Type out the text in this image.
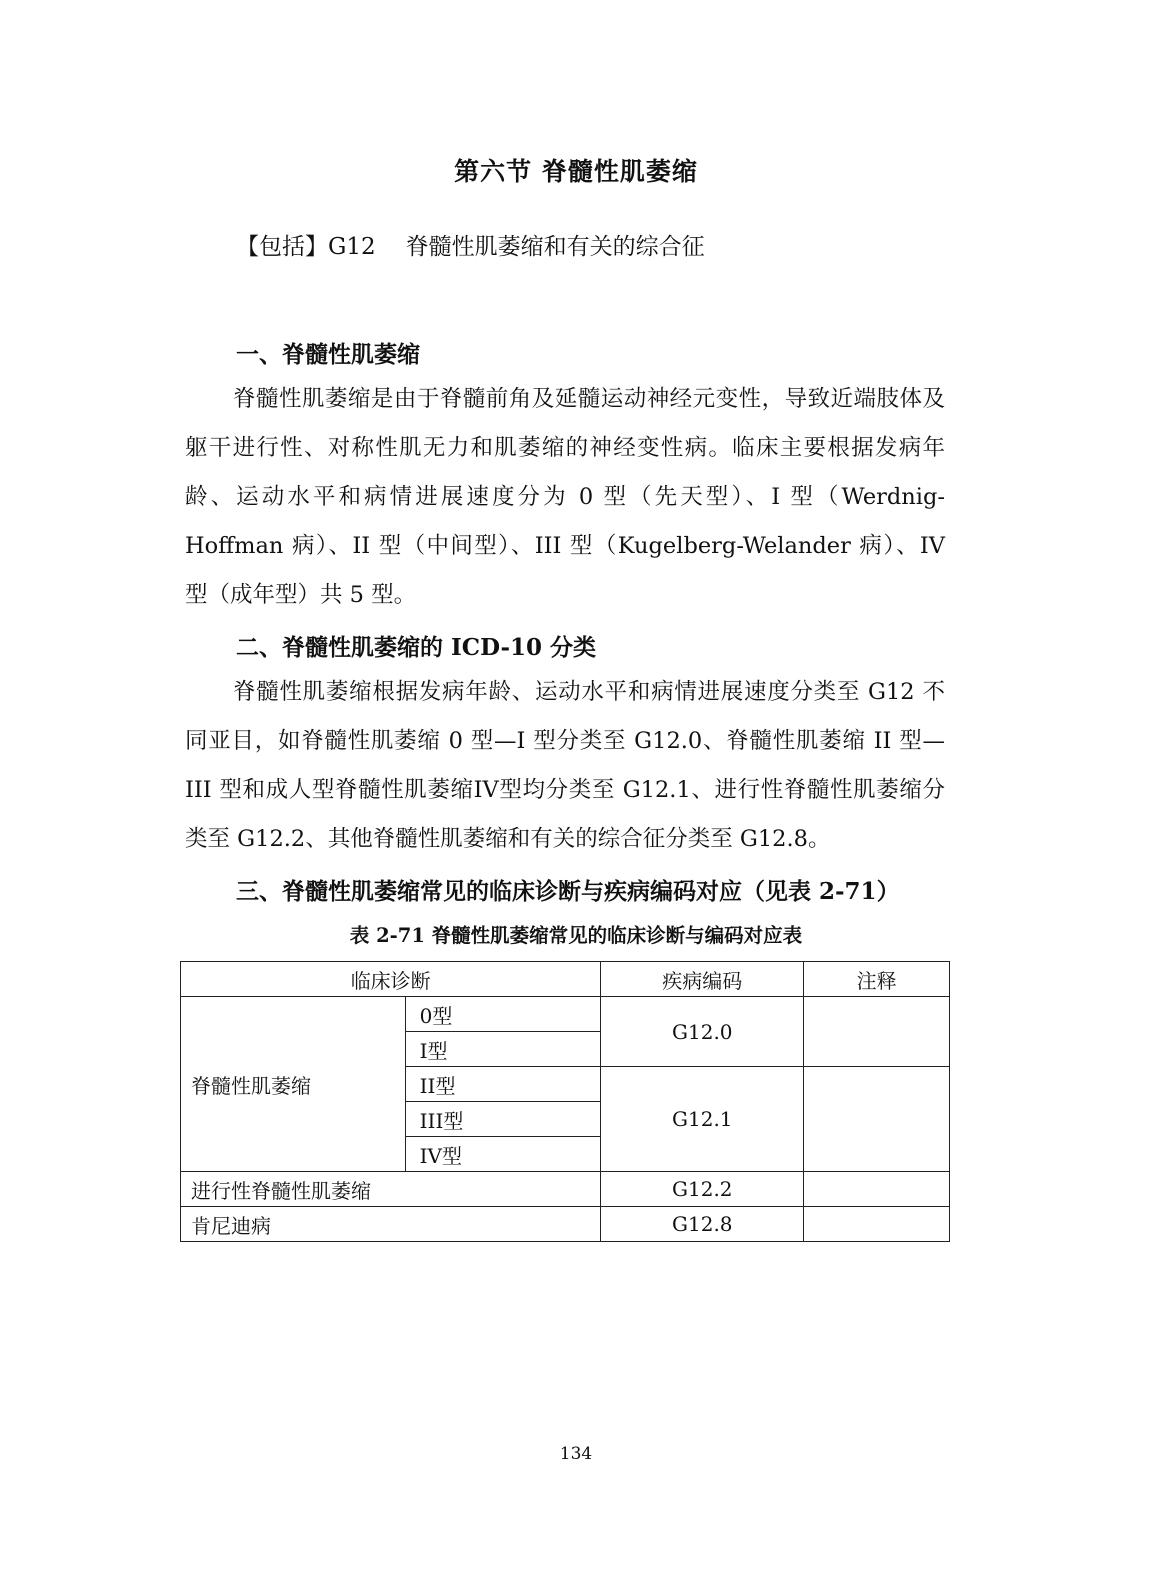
第六节 脊髓性肌萎缩
【包括】G12 脊髓性肌萎缩和有关的综合征
一、脊髓性肌萎缩

脊髓性肌萎缩是由于脊髓前角及延髓运动神经元变性，导致近端肢体及躯干进行性、对称性肌无力和肌萎缩的神经变性病。临床主要根据发病年龄、运动水平和病情进展速度分为 0 型（先天型）、I 型（Werdnig-Hoffman 病）、II 型（中间型）、III 型（Kugelberg-Welander 病）、IV 型（成年型）共 5 型。

二、脊髓性肌萎缩的 ICD-10 分类

脊髓性肌萎缩根据发病年龄、运动水平和病情进展速度分类至 G12 不同亚目，如脊髓性肌萎缩 0 型—I 型分类至 G12.0、脊髓性肌萎缩 II 型—III 型和成人型脊髓性肌萎缩IV型均分类至 G12.1、进行性脊髓性肌萎缩分类至 G12.2、其他脊髓性肌萎缩和有关的综合征分类至 G12.8。

三、脊髓性肌萎缩常见的临床诊断与疾病编码对应（见表 2-71）
表 2-71 脊髓性肌萎缩常见的临床诊断与编码对应表
临床诊断		疾病编码	注释
脊髓性肌萎缩	0型	G12.0	
	I型		
	II型	G12.1	
	III型		
	IV型		
进行性脊髓性肌萎缩		G12.2	
肯尼迪病		G12.8	
134
